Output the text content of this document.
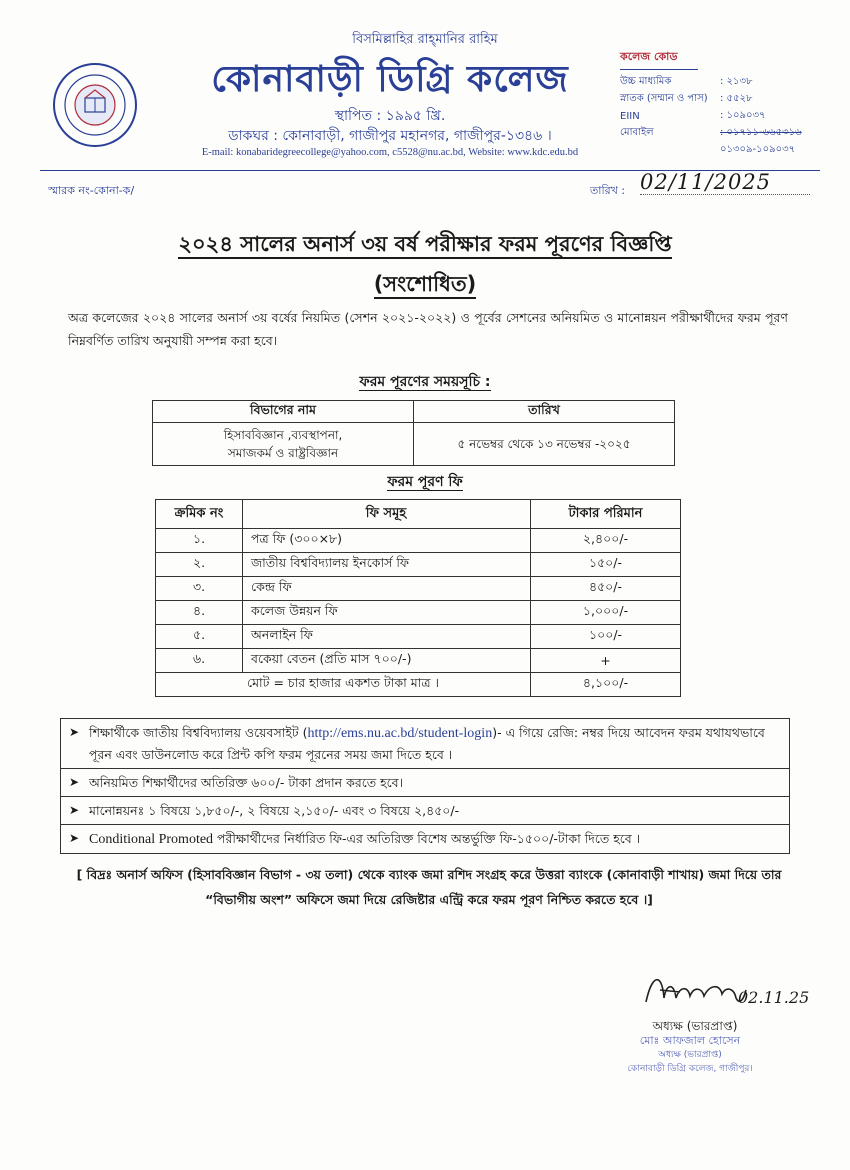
বিসমিল্লাহির রাহ্‌মানির রাহিম
কোনাবাড়ী ডিগ্রি কলেজ
স্থাপিত : ১৯৯৫ খ্রি.
ডাকঘর : কোনাবাড়ী, গাজীপুর মহানগর, গাজীপুর-১৩৪৬ ।
E-mail: konabaridegreecollege@yahoo.com, c5528@nu.ac.bd, Website: www.kdc.edu.bd
কলেজ কোড
উচ্চ মাধ্যমিক	: ২১৩৮
স্নাতক (সম্মান ও পাস)	: ৫৫২৮
EIIN	: ১০৯০৩৭
মোবাইল	: ০১৭১১-৬৬৫৩১৬
০১৩০৯-১০৯০৩৭
স্মারক নং-কোনা-ক/	তারিখ : 02/11/2025
২০২৪ সালের অনার্স ৩য় বর্ষ পরীক্ষার ফরম পূরণের বিজ্ঞপ্তি
(সংশোধিত)
অত্র কলেজের ২০২৪ সালের অনার্স ৩য় বর্ষের নিয়মিত (সেশন ২০২১-২০২২) ও পূর্বের সেশনের অনিয়মিত ও মানোন্নয়ন পরীক্ষার্থীদের ফরম পূরণ নিম্নবর্ণিত তারিখ অনুযায়ী সম্পন্ন করা হবে।
ফরম পূরণের সময়সূচি :
বিভাগের নাম	তারিখ

হিসাববিজ্ঞান ,ব্যবস্থাপনা,
সমাজকর্ম ও রাষ্ট্রবিজ্ঞান	৫ নভেম্বর থেকে ১৩ নভেম্বর -২০২৫
ফরম পূরণ ফি
ক্রমিক নং	ফি সমূহ	টাকার পরিমান
১.	পত্র ফি (৩০০×৮)	২,৪০০/-
২.	জাতীয় বিশ্ববিদ্যালয় ইনকোর্স ফি	১৫০/-
৩.	কেন্দ্র ফি	৪৫০/-
৪.	কলেজ উন্নয়ন ফি	১,০০০/-
৫.	অনলাইন ফি	১০০/-
৬.	বকেয়া বেতন (প্রতি মাস ৭০০/-)	+
মোট = চার হাজার একশত টাকা মাত্র ।		৪,১০০/-
➤ শিক্ষার্থীকে জাতীয় বিশ্ববিদ্যালয় ওয়েবসাইট (http://ems.nu.ac.bd/student-login)- এ গিয়ে রেজি: নম্বর দিয়ে আবেদন ফরম যথাযথভাবে পূরন এবং ডাউনলোড করে প্রিন্ট কপি ফরম পূরনের সময় জমা দিতে হবে ।
➤ অনিয়মিত শিক্ষার্থীদের অতিরিক্ত ৬০০/- টাকা প্রদান করতে হবে।
➤ মানোন্নয়নঃ ১ বিষয়ে ১,৮৫০/-, ২ বিষয়ে ২,১৫০/- এবং ৩ বিষয়ে ২,৪৫০/-
➤ Conditional Promoted পরীক্ষার্থীদের নির্ধারিত ফি-এর অতিরিক্ত বিশেষ অন্তর্ভুক্তি ফি-১৫০০/-টাকা দিতে হবে ।
[ বিদ্রঃ অনার্স অফিস (হিসাববিজ্ঞান বিভাগ - ৩য় তলা) থেকে ব্যাংক জমা রশিদ সংগ্রহ করে উত্তরা ব্যাংকে (কোনাবাড়ী শাখায়) জমা দিয়ে তার “বিভাগীয় অংশ” অফিসে জমা দিয়ে রেজিষ্টার এন্ট্রি করে ফরম পূরণ নিশ্চিত করতে হবে ।]
02.11.25
অধ্যক্ষ (ভারপ্রাপ্ত)
মোঃ আফজাল হোসেন
অধ্যক্ষ (ভারপ্রাপ্ত)
কোনাবাড়ী ডিগ্রি কলেজ, গাজীপুর।
